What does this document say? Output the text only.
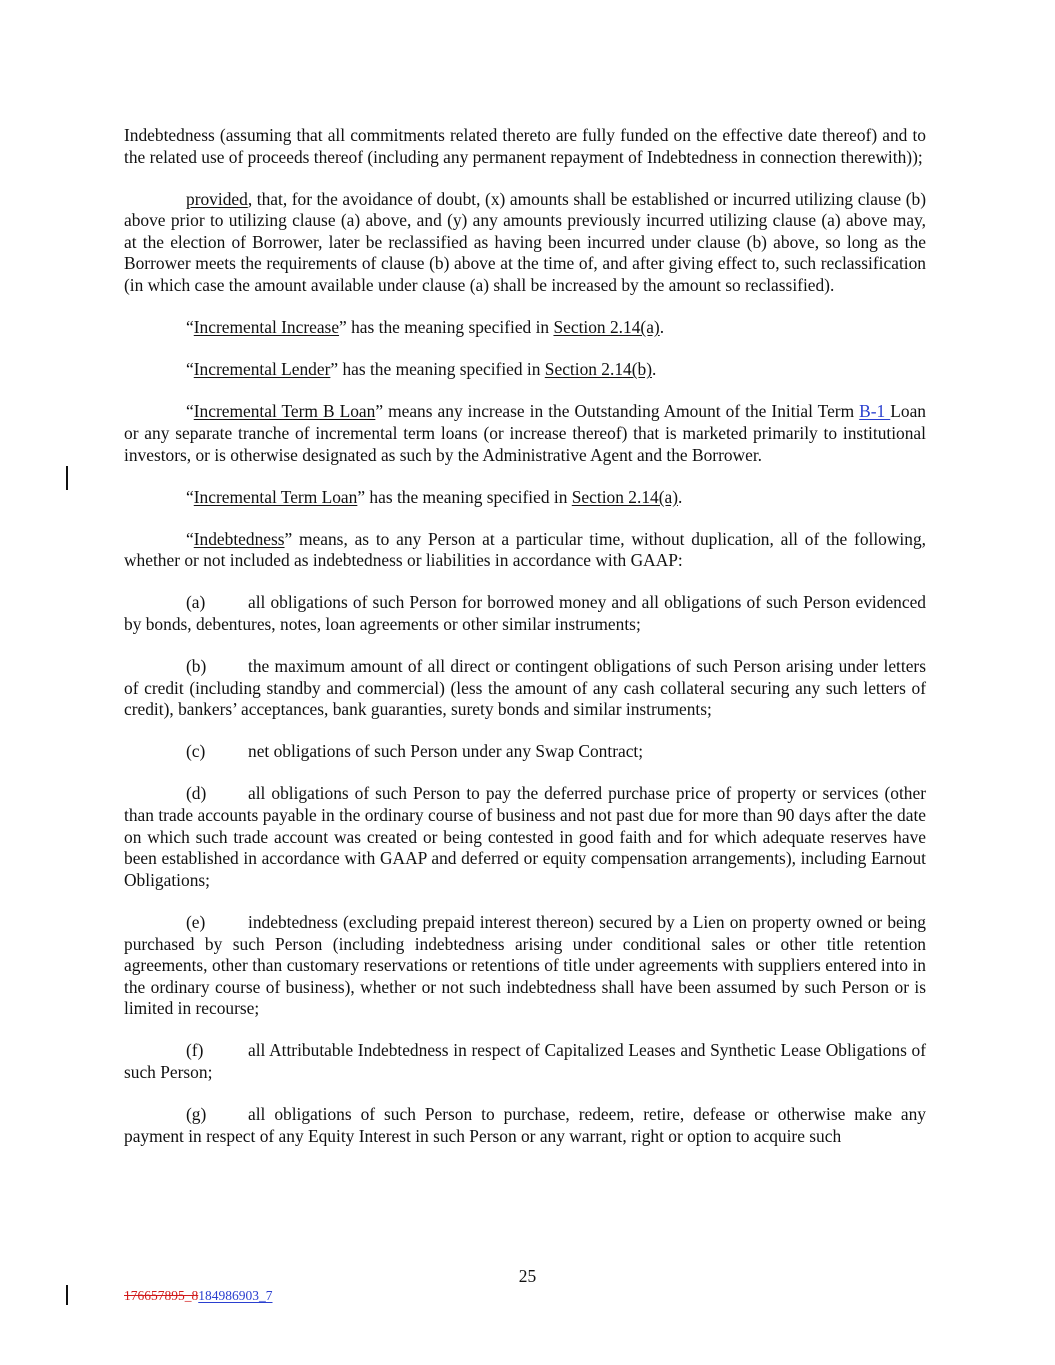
Indebtedness (assuming that all commitments related thereto are fully funded on the effective date thereof) and to the related use of proceeds thereof (including any permanent repayment of Indebtedness in connection therewith));

provided, that, for the avoidance of doubt, (x) amounts shall be established or incurred utilizing clause (b) above prior to utilizing clause (a) above, and (y) any amounts previously incurred utilizing clause (a) above may, at the election of Borrower, later be reclassified as having been incurred under clause (b) above, so long as the Borrower meets the requirements of clause (b) above at the time of, and after giving effect to, such reclassification (in which case the amount available under clause (a) shall be increased by the amount so reclassified).

“Incremental Increase” has the meaning specified in Section 2.14(a).

“Incremental Lender” has the meaning specified in Section 2.14(b).

“Incremental Term B Loan” means any increase in the Outstanding Amount of the Initial Term B-1 Loan or any separate tranche of incremental term loans (or increase thereof) that is marketed primarily to institutional investors, or is otherwise designated as such by the Administrative Agent and the Borrower.

“Incremental Term Loan” has the meaning specified in Section 2.14(a).

“Indebtedness” means, as to any Person at a particular time, without duplication, all of the following, whether or not included as indebtedness or liabilities in accordance with GAAP:

(a) all obligations of such Person for borrowed money and all obligations of such Person evidenced by bonds, debentures, notes, loan agreements or other similar instruments;

(b) the maximum amount of all direct or contingent obligations of such Person arising under letters of credit (including standby and commercial) (less the amount of any cash collateral securing any such letters of credit), bankers’ acceptances, bank guaranties, surety bonds and similar instruments;

(c) net obligations of such Person under any Swap Contract;

(d) all obligations of such Person to pay the deferred purchase price of property or services (other than trade accounts payable in the ordinary course of business and not past due for more than 90 days after the date on which such trade account was created or being contested in good faith and for which adequate reserves have been established in accordance with GAAP and deferred or equity compensation arrangements), including Earnout Obligations;

(e) indebtedness (excluding prepaid interest thereon) secured by a Lien on property owned or being purchased by such Person (including indebtedness arising under conditional sales or other title retention agreements, other than customary reservations or retentions of title under agreements with suppliers entered into in the ordinary course of business), whether or not such indebtedness shall have been assumed by such Person or is limited in recourse;

(f)	all Attributable Indebtedness in respect of Capitalized Leases and Synthetic Lease Obligations of such Person;

(g) all obligations of such Person to purchase, redeem, retire, defease or otherwise make any payment in respect of any Equity Interest in such Person or any warrant, right or option to acquire such

25
176657895_8184986903_7
